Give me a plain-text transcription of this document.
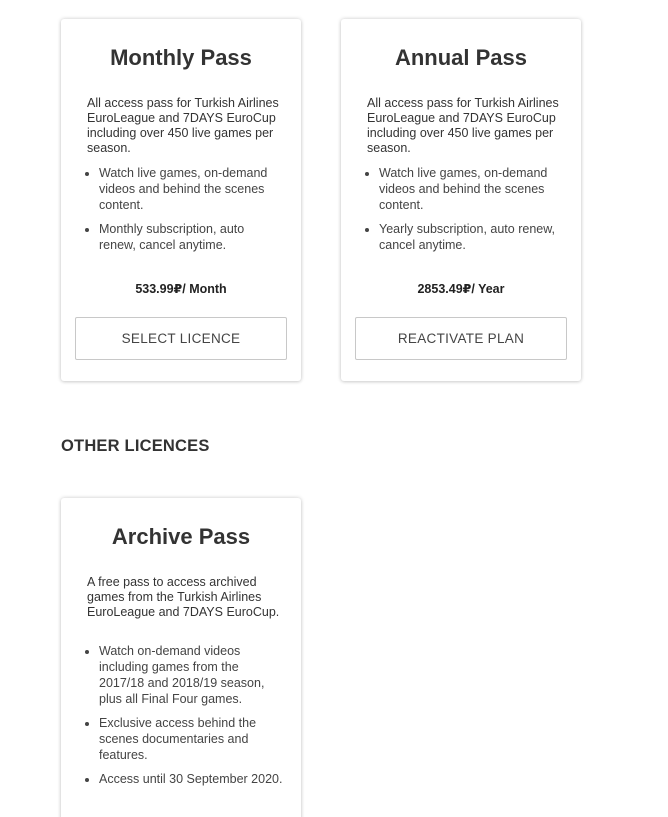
Monthly Pass

All access pass for Turkish Airlines EuroLeague and 7DAYS EuroCup including over 450 live games per season.

• Watch live games, on-demand videos and behind the scenes content.
• Monthly subscription, auto renew, cancel anytime.
533.99₽/ Month
SELECT LICENCE
Annual Pass

All access pass for Turkish Airlines EuroLeague and 7DAYS EuroCup including over 450 live games per season.

• Watch live games, on-demand videos and behind the scenes content.
• Yearly subscription, auto renew, cancel anytime.
2853.49₽/ Year
REACTIVATE PLAN
OTHER LICENCES
Archive Pass

A free pass to access archived games from the Turkish Airlines EuroLeague and 7DAYS EuroCup.

• Watch on-demand videos including games from the 2017/18 and 2018/19 season, plus all Final Four games.
• Exclusive access behind the scenes documentaries and features.
• Access until 30 September 2020.
